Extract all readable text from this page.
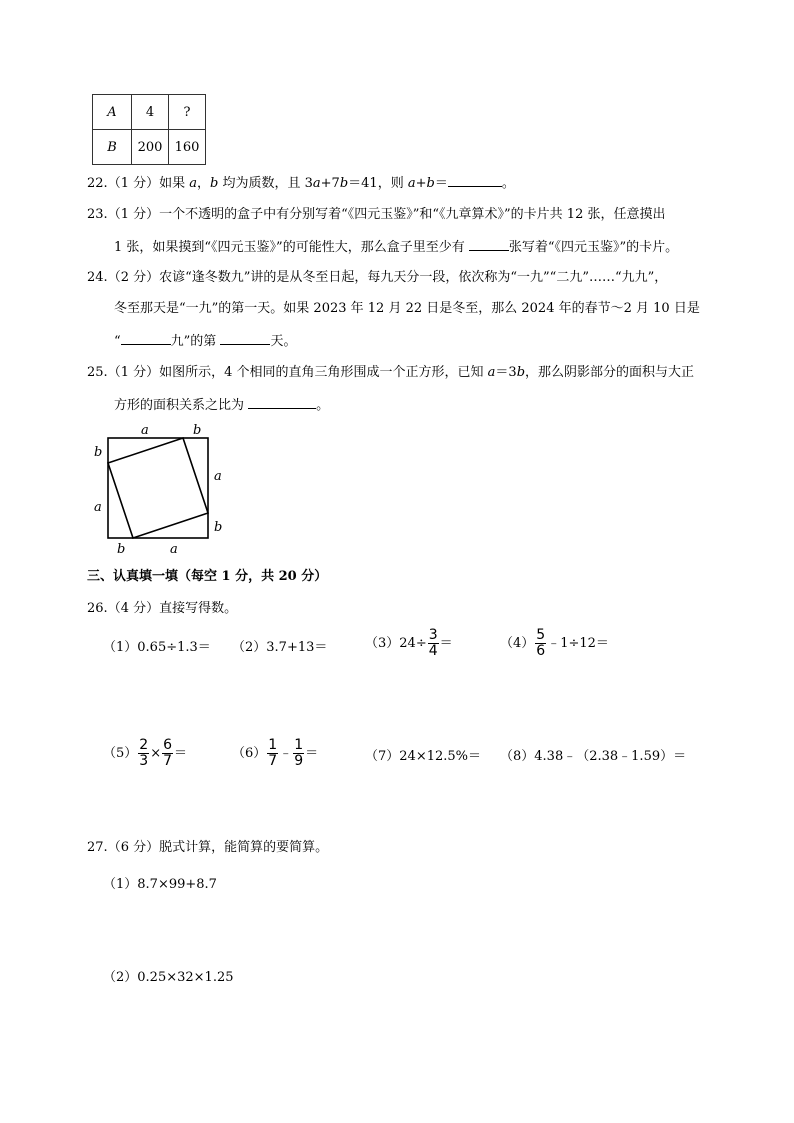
A	4	?
B	200	160
22.（1 分）如果 a，b 均为质数，且 3a+7b＝41，则 a+b＝	。
23.（1 分）一个不透明的盒子中有分别写着“《四元玉鉴》”和“《九章算术》”的卡片共 12 张，任意摸出
1 张，如果摸到“《四元玉鉴》”的可能性大，那么盒子里至少有	张写着“《四元玉鉴》”的卡片。
24.（2 分）农谚“逢冬数九”讲的是从冬至日起，每九天分一段，依次称为“一九”“二九”……“九九”，
冬至那天是“一九”的第一天。如果 2023 年 12 月 22 日是冬至，那么 2024 年的春节～2 月 10 日是
“	九”的第	天。
25.（1 分）如图所示，4 个相同的直角三角形围成一个正方形，已知 a＝3b，那么阴影部分的面积与大正
方形的面积关系之比为	。
a	b
b
a
a
b
b	a
三、认真填一填（每空 1 分，共 20 分）
26.（4 分）直接写得数。
（1）0.65÷1.3＝ （2）3.7+13＝	$(3)24\div \frac{3}{4}$ ＝	$(4) \frac{5}{6}$ ﹣1÷12＝
$(5) \frac{2}{3} \times \frac{6}{7}$ ＝	$(6) \frac{1}{7}$ ﹣ $\frac{1}{9}$ ＝	（7）24×12.5%＝ （8）4.38﹣（2.38﹣1.59）＝
27.（6 分）脱式计算，能简算的要简算。
（1）8.7×99+8.7
（2）0.25×32×1.25
